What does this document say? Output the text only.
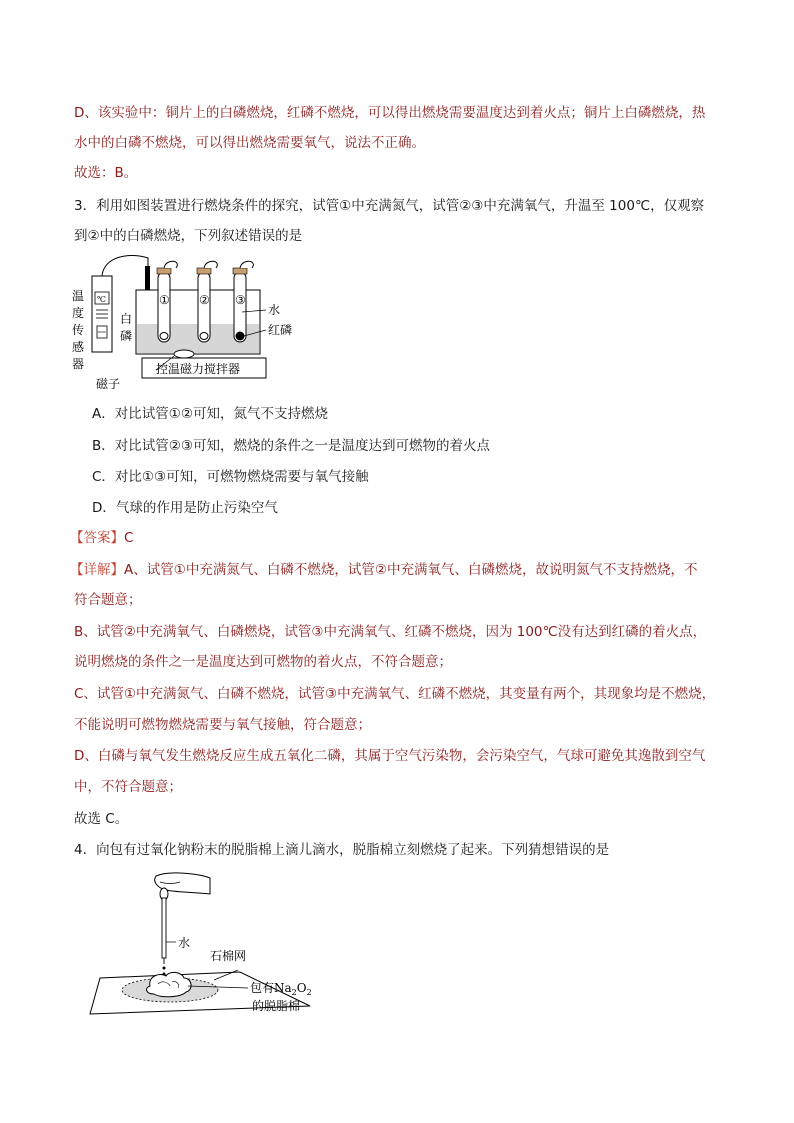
D、该实验中：铜片上的白磷燃烧，红磷不燃烧，可以得出燃烧需要温度达到着火点；铜片上白磷燃烧，热
水中的白磷不燃烧，可以得出燃烧需要氧气，说法不正确。
故选：B。
3．利用如图装置进行燃烧条件的探究，试管①中充满氮气，试管②③中充满氧气，升温至 100℃，仅观察
到②中的白磷燃烧，下列叙述错误的是
℃
温
度
传
感
器
白
磷
① ② ③
水
红磷
控温磁力搅拌器
磁子
A．对比试管①②可知，氮气不支持燃烧
B．对比试管②③可知，燃烧的条件之一是温度达到可燃物的着火点
C．对比①③可知，可燃物燃烧需要与氧气接触
D．气球的作用是防止污染空气
【答案】C
【详解】A、试管①中充满氮气、白磷不燃烧，试管②中充满氧气、白磷燃烧，故说明氮气不支持燃烧，不
符合题意；
B、试管②中充满氧气、白磷燃烧，试管③中充满氧气、红磷不燃烧，因为 100℃没有达到红磷的着火点，
说明燃烧的条件之一是温度达到可燃物的着火点，不符合题意；
C、试管①中充满氮气、白磷不燃烧，试管③中充满氧气、红磷不燃烧，其变量有两个，其现象均是不燃烧，
不能说明可燃物燃烧需要与氧气接触，符合题意；
D、白磷与氧气发生燃烧反应生成五氧化二磷，其属于空气污染物，会污染空气，气球可避免其逸散到空气
中，不符合题意；
故选 C。
4．向包有过氧化钠粉末的脱脂棉上滴儿滴水，脱脂棉立刻燃烧了起来。下列猜想错误的是
水
石棉网
包有$Na_2O_2$
的脱脂棉
